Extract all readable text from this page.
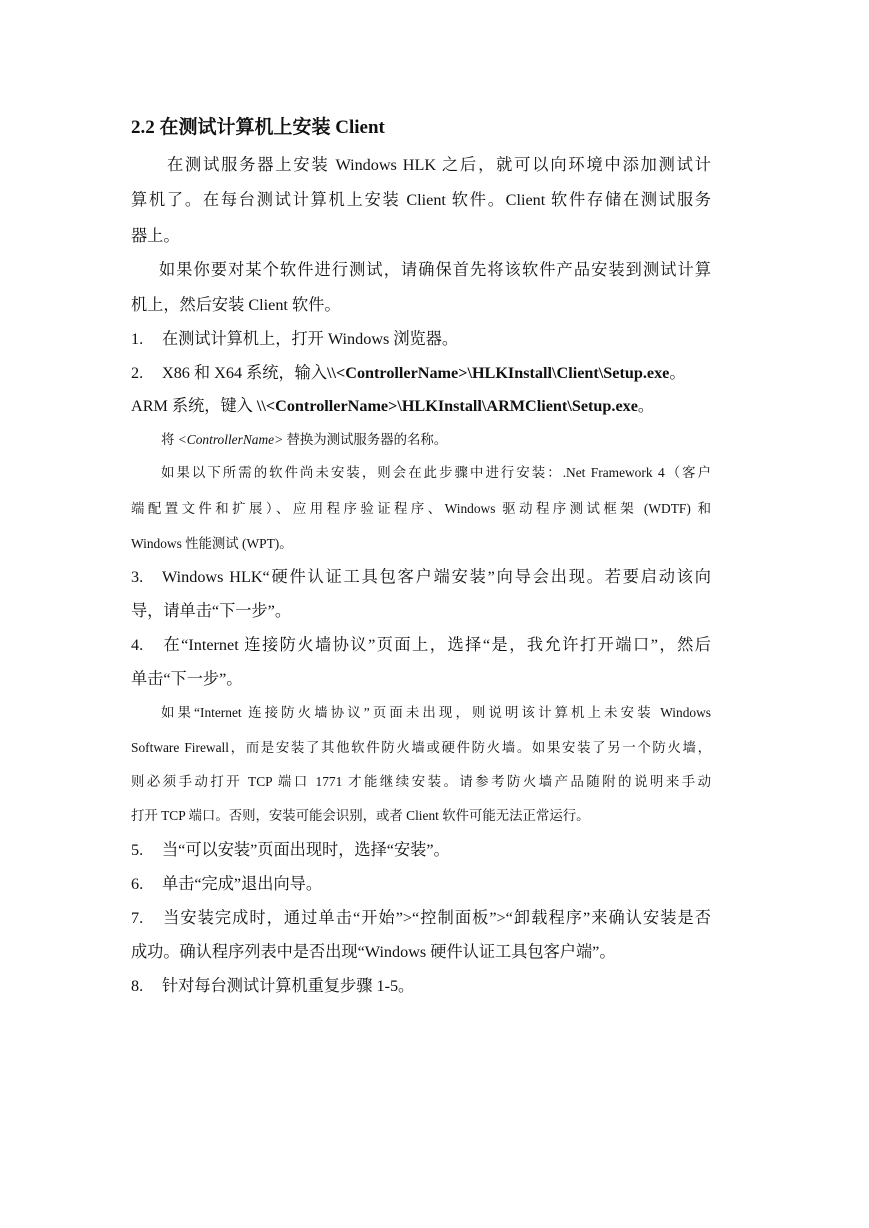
2.2 在测试计算机上安装 Client
在测试服务器上安装 Windows HLK 之后，就可以向环境中添加测试计
算机了。在每台测试计算机上安装 Client 软件。Client 软件存储在测试服务
器上。
如果你要对某个软件进行测试，请确保首先将该软件产品安装到测试计算
机上，然后安装 Client 软件。
1. 在测试计算机上，打开 Windows 浏览器。
2. X86 和 X64 系统，输入\\<ControllerName>\HLKInstall\Client\Setup.exe。
ARM 系统，键入 \\<ControllerName>\HLKInstall\ARMClient\Setup.exe。
将 <ControllerName> 替换为测试服务器的名称。
如果以下所需的软件尚未安装，则会在此步骤中进行安装：.Net Framework 4（客户
端配置文件和扩展）、应用程序验证程序、Windows 驱动程序测试框架 (WDTF) 和
Windows 性能测试 (WPT)。
3. Windows HLK“硬件认证工具包客户端安装”向导会出现。若要启动该向
导，请单击“下一步”。
4. 在“Internet 连接防火墙协议”页面上，选择“是，我允许打开端口”，然后
单击“下一步”。
如果“Internet 连接防火墙协议”页面未出现，则说明该计算机上未安装 Windows
Software Firewall，而是安装了其他软件防火墙或硬件防火墙。如果安装了另一个防火墙，
则必须手动打开 TCP 端口 1771 才能继续安装。请参考防火墙产品随附的说明来手动
打开 TCP 端口。否则，安装可能会识别，或者 Client 软件可能无法正常运行。
5. 当“可以安装”页面出现时，选择“安装”。
6. 单击“完成”退出向导。
7. 当安装完成时，通过单击“开始”>“控制面板”>“卸载程序”来确认安装是否
成功。确认程序列表中是否出现“Windows 硬件认证工具包客户端”。
8. 针对每台测试计算机重复步骤 1-5。
